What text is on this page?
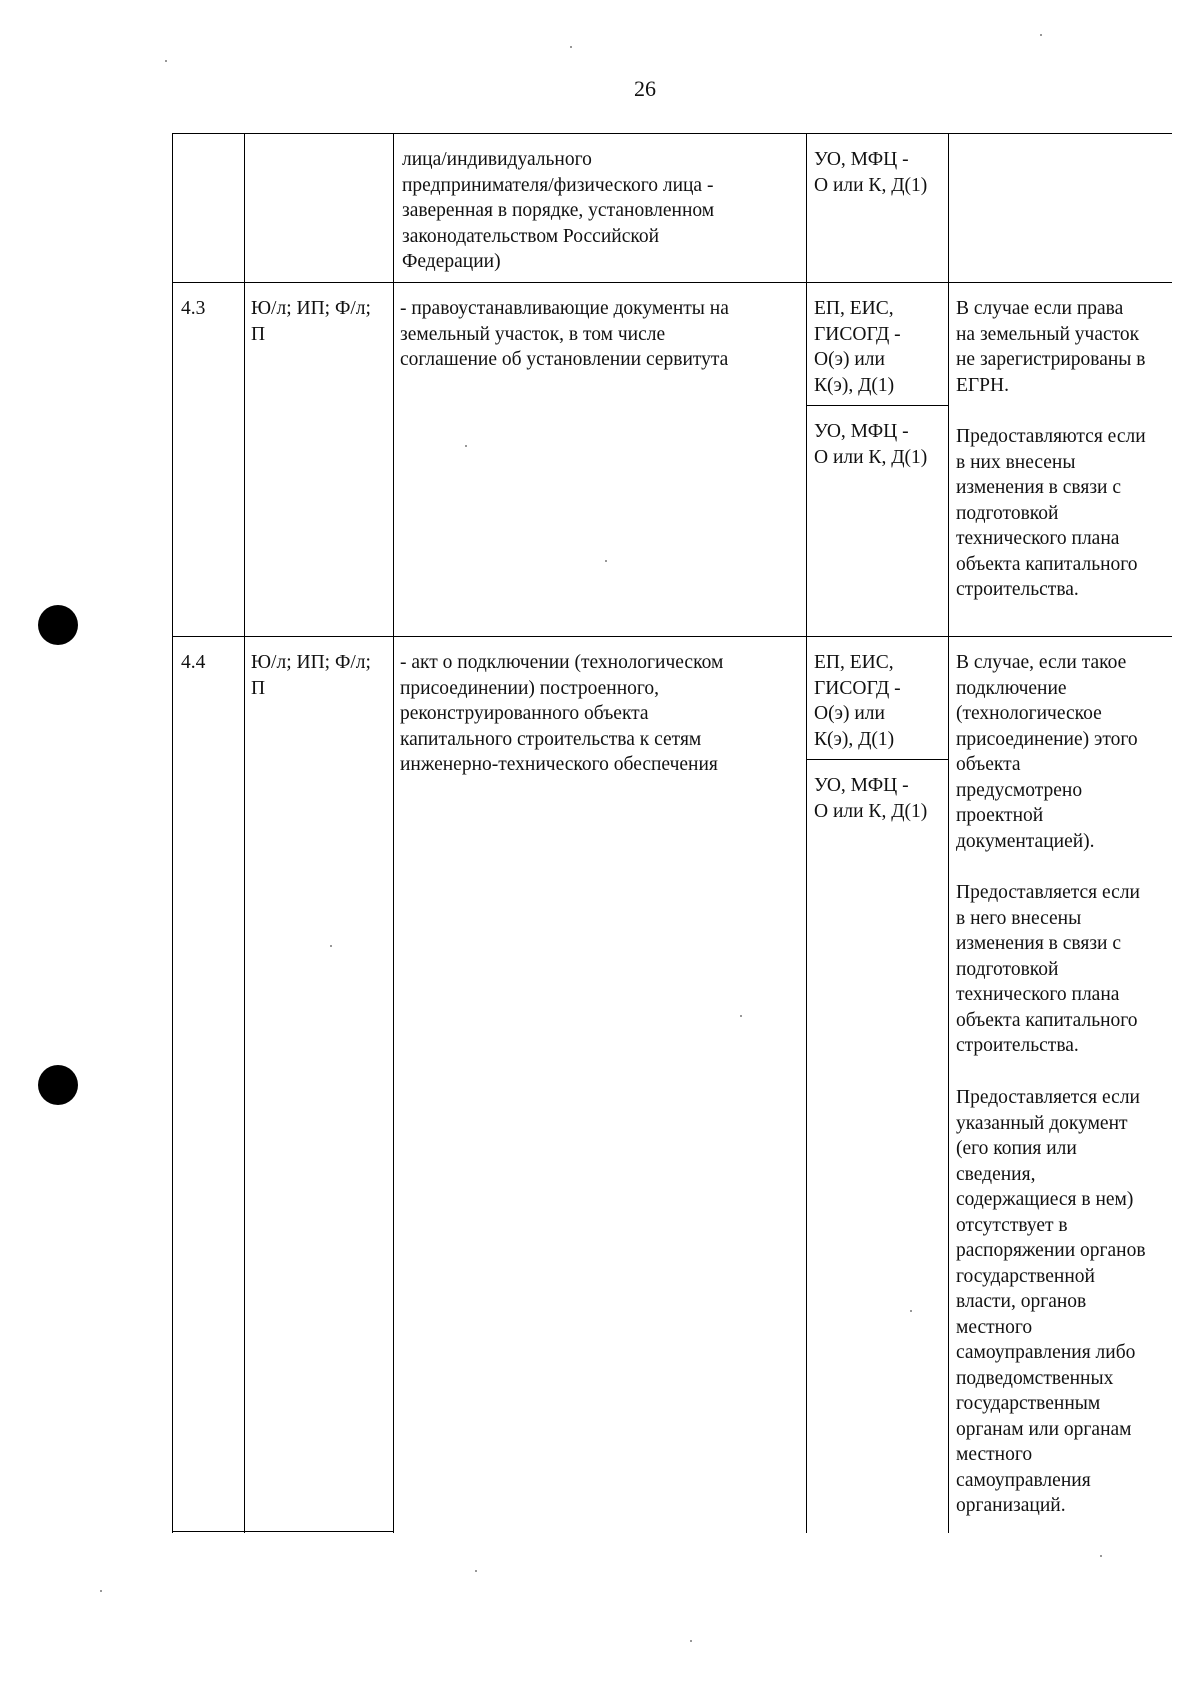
26

лица/индивидуального
предпринимателя/физического лица -
заверенная в порядке, установленном
законодательством Российской
Федерации)

УО, МФЦ -
О или К, Д(1)

4.3 Ю/л; ИП; Ф/л;
П

- правоустанавливающие документы на
земельный участок, в том числе
соглашение об установлении сервитута

ЕП, ЕИС,
ГИСОГД -
О(э) или
К(э), Д(1)

УО, МФЦ -
О или К, Д(1)

В случае если права
на земельный участок
не зарегистрированы в
ЕГРН.

Предоставляются если
в них внесены
изменения в связи с
подготовкой
технического плана
объекта капитального
строительства.

4.4 Ю/л; ИП; Ф/л;
П

- акт о подключении (технологическом
присоединении) построенного,
реконструированного объекта
капитального строительства к сетям
инженерно-технического обеспечения

ЕП, ЕИС,
ГИСОГД -
О(э) или
К(э), Д(1)

УО, МФЦ -
О или К, Д(1)

В случае, если такое
подключение
(технологическое
присоединение) этого
объекта
предусмотрено
проектной
документацией).

Предоставляется если
в него внесены
изменения в связи с
подготовкой
технического плана
объекта капитального
строительства.

Предоставляется если
указанный документ
(его копия или
сведения,
содержащиеся в нем)
отсутствует в
распоряжении органов
государственной
власти, органов
местного
самоуправления либо
подведомственных
государственным
органам или органам
местного
самоуправления
организаций.
